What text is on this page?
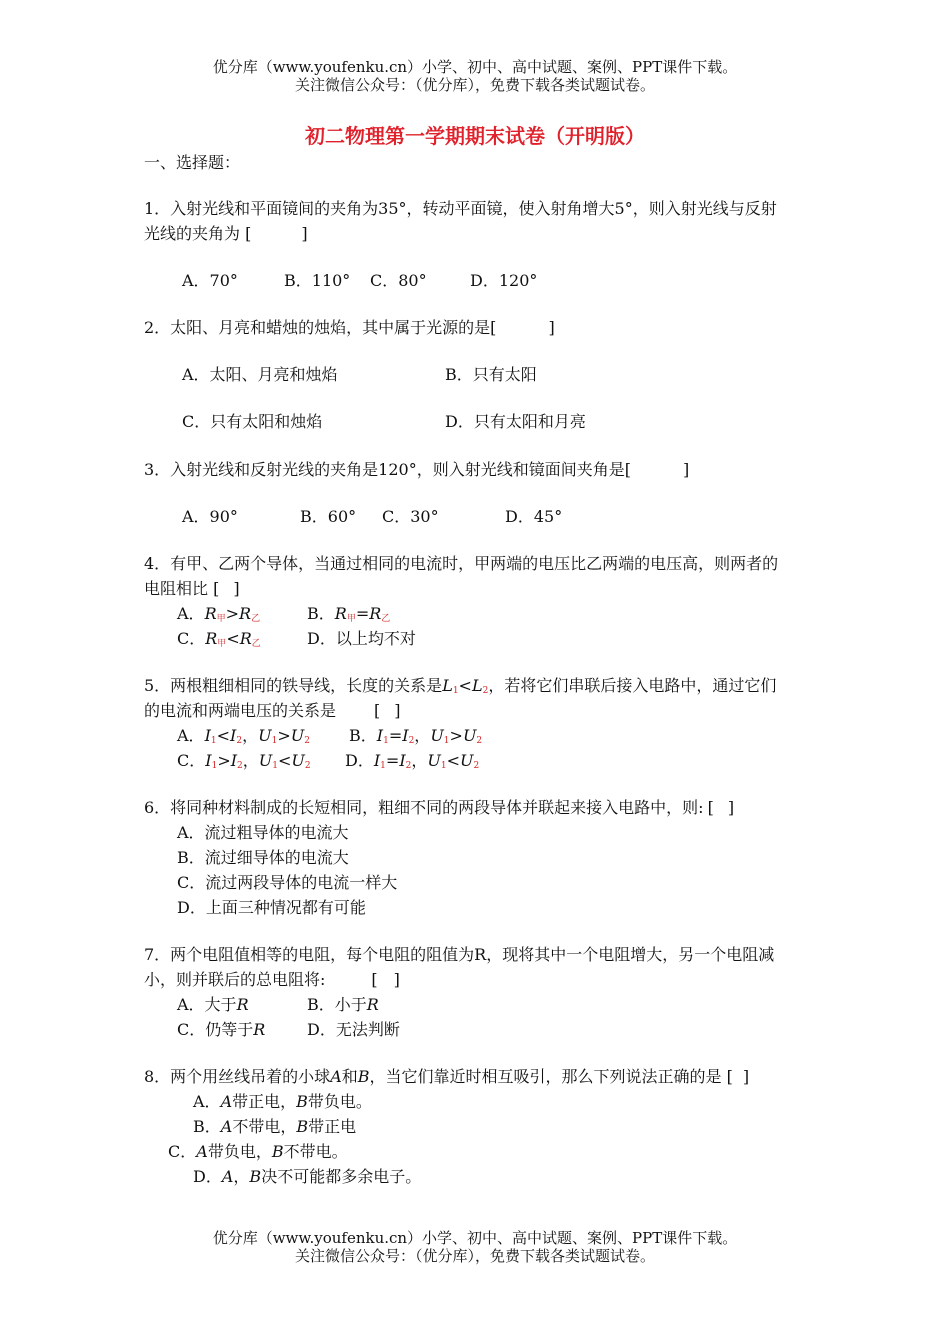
优分库（www.youfenku.cn）小学、初中、高中试题、案例、PPT课件下载。
关注微信公众号：（优分库），免费下载各类试题试卷。
初二物理第一学期期末试卷（开明版）
一、选择题：
1．入射光线和平面镜间的夹角为35°，转动平面镜，使入射角增大5°，则入射光线与反射
光线的夹角为 [	]
A．70°	B．110° C．80°	D．120°
2．太阳、月亮和蜡烛的烛焰，其中属于光源的是[	]
A．太阳、月亮和烛焰	B．只有太阳
C．只有太阳和烛焰	D．只有太阳和月亮
3．入射光线和反射光线的夹角是120°，则入射光线和镜面间夹角是[	]
A．90°	B．60° C．30°	D．45°
4．有甲、乙两个导体，当通过相同的电流时，甲两端的电压比乙两端的电压高，则两者的
电阻相比 [ ]
A．$R_甲>R_乙$	B．$R_甲=R_乙$
C．$R_甲<R_乙$	D．以上均不对
5．两根粗细相同的铁导线，长度的关系是$L_1<L_2$，若将它们串联后接入电路中，通过它们
的电流和两端电压的关系是 [ ]
A．$I_1<I_2$，$U_1>U_2$ B．$I_1=I_2$，$U_1>U_2$
C．$I_1>I_2$，$U_1<U_2$ D．$I_1=I_2$，$U_1<U_2$
6．将同种材料制成的长短相同，粗细不同的两段导体并联起来接入电路中，则: [ ]
A．流过粗导体的电流大
B．流过细导体的电流大
C．流过两段导体的电流一样大
D．上面三种情况都有可能
7．两个电阻值相等的电阻，每个电阻的阻值为R，现将其中一个电阻增大，另一个电阻减
小，则并联后的总电阻将:	[ ]
A．大于R	B．小于R
C．仍等于R	D．无法判断
8．两个用丝线吊着的小球A和B，当它们靠近时相互吸引，那么下列说法正确的是 [ ]
A．A带正电，B带负电。
B．A不带电，B带正电
C．A带负电，B不带电。
D．A，B决不可能都多余电子。
优分库（www.youfenku.cn）小学、初中、高中试题、案例、PPT课件下载。
关注微信公众号：（优分库），免费下载各类试题试卷。
